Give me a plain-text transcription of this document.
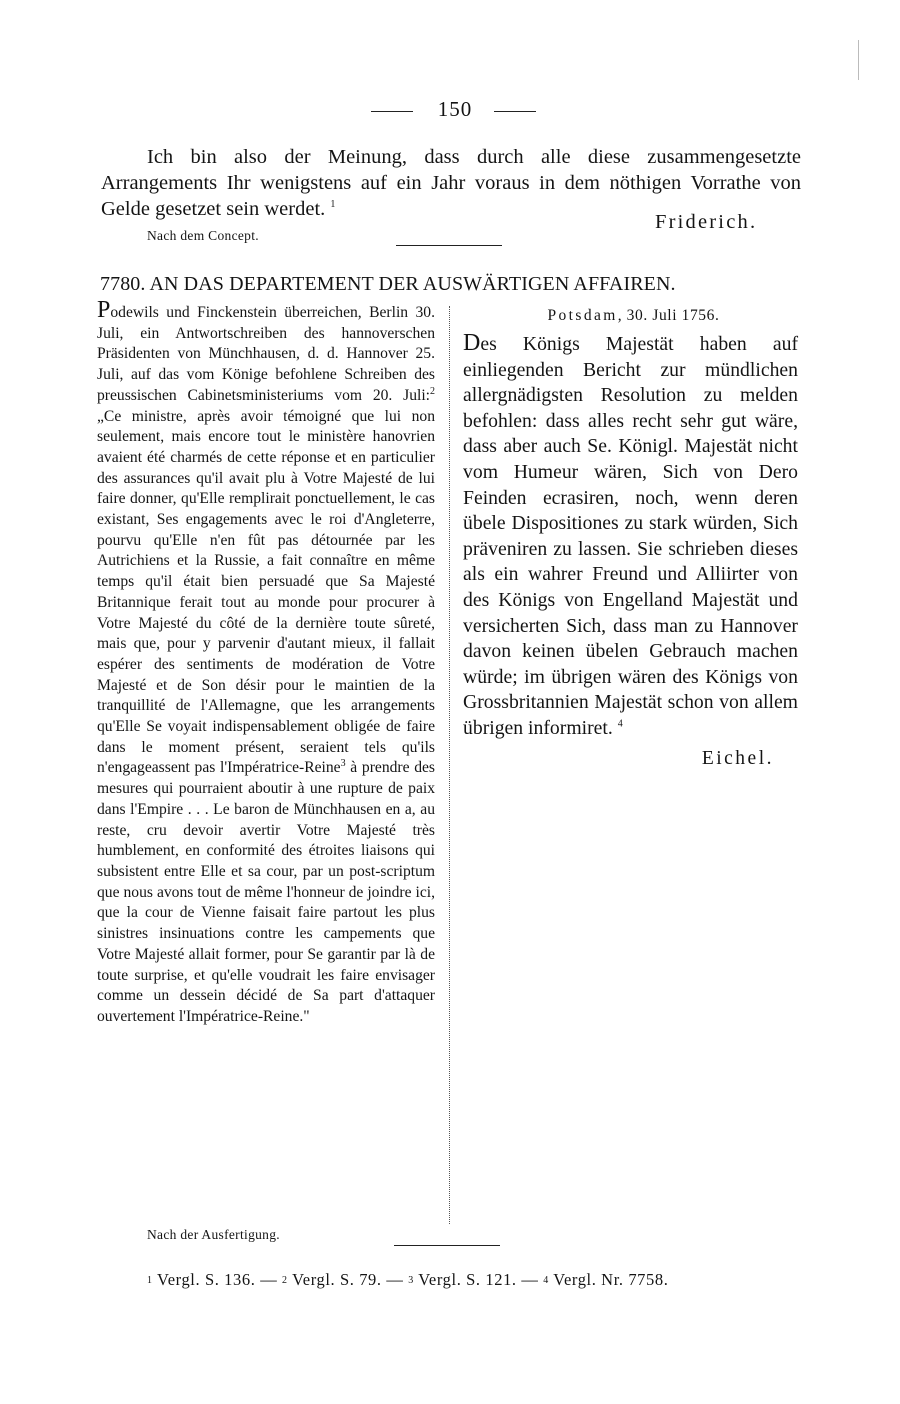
150

Ich bin also der Meinung, dass durch alle diese zusammengesetzte Arrangements Ihr wenigstens auf ein Jahr voraus in dem nöthigen Vorrathe von Gelde gesetzet sein werdet. $^1$

Friderich.
Nach dem Concept.
7780. AN DAS DEPARTEMENT DER AUSWÄRTIGEN AFFAIREN.
Podewils und Finckenstein überreichen, Berlin 30. Juli, ein Antwortschreiben des hannoverschen Präsidenten von Münchhausen, d. d. Hannover 25. Juli, auf das vom Könige befohlene Schreiben des preussischen Cabinetsministeriums vom 20. Juli:$^2$ „Ce ministre, après avoir témoigné que lui non seulement, mais encore tout le ministère hanovrien avaient été charmés de cette réponse et en particulier des assurances qu'il avait plu à Votre Majesté de lui faire donner, qu'Elle remplirait ponctuellement, le cas existant, Ses engagements avec le roi d'Angleterre, pourvu qu'Elle n'en fût pas détournée par les Autrichiens et la Russie, a fait connaître en même temps qu'il était bien persuadé que Sa Majesté Britannique ferait tout au monde pour procurer à Votre Majesté du côté de la dernière toute sûreté, mais que, pour y parvenir d'autant mieux, il fallait espérer des sentiments de modération de Votre Majesté et de Son désir pour le maintien de la tranquillité de l'Allemagne, que les arrangements qu'Elle Se voyait indispensablement obligée de faire dans le moment présent, seraient tels qu'ils n'engageassent pas l'Impératrice-Reine$^3$ à prendre des mesures qui pourraient aboutir à une rupture de paix dans l'Empire . . . Le baron de Münchhausen en a, au reste, cru devoir avertir Votre Majesté très humblement, en conformité des étroites liaisons qui subsistent entre Elle et sa cour, par un post-scriptum que nous avons tout de même l'honneur de joindre ici, que la cour de Vienne faisait faire partout les plus sinistres insinuations contre les campements que Votre Majesté allait former, pour Se garantir par là de toute surprise, et qu'elle voudrait les faire envisager comme un dessein décidé de Sa part d'attaquer ouvertement l'Impératrice-Reine."
Potsdam, 30. Juli 1756.
Des Königs Majestät haben auf einliegenden Bericht zur mündlichen allergnädigsten Resolution zu melden befohlen: dass alles recht sehr gut wäre, dass aber auch Se. Königl. Majestät nicht vom Humeur wären, Sich von Dero Feinden ecrasiren, noch, wenn deren übele Dispositiones zu stark würden, Sich präveniren zu lassen. Sie schrieben dieses als ein wahrer Freund und Alliirter von des Königs von Engelland Majestät und versicherten Sich, dass man zu Hannover davon keinen übelen Gebrauch machen würde; im übrigen wären des Königs von Grossbritannien Majestät schon von allem übrigen informiret. $^4$
Eichel.
Nach der Ausfertigung.
1 Vergl. S. 136. — 2 Vergl. S. 79. — 3 Vergl. S. 121. — 4 Vergl. Nr. 7758.
